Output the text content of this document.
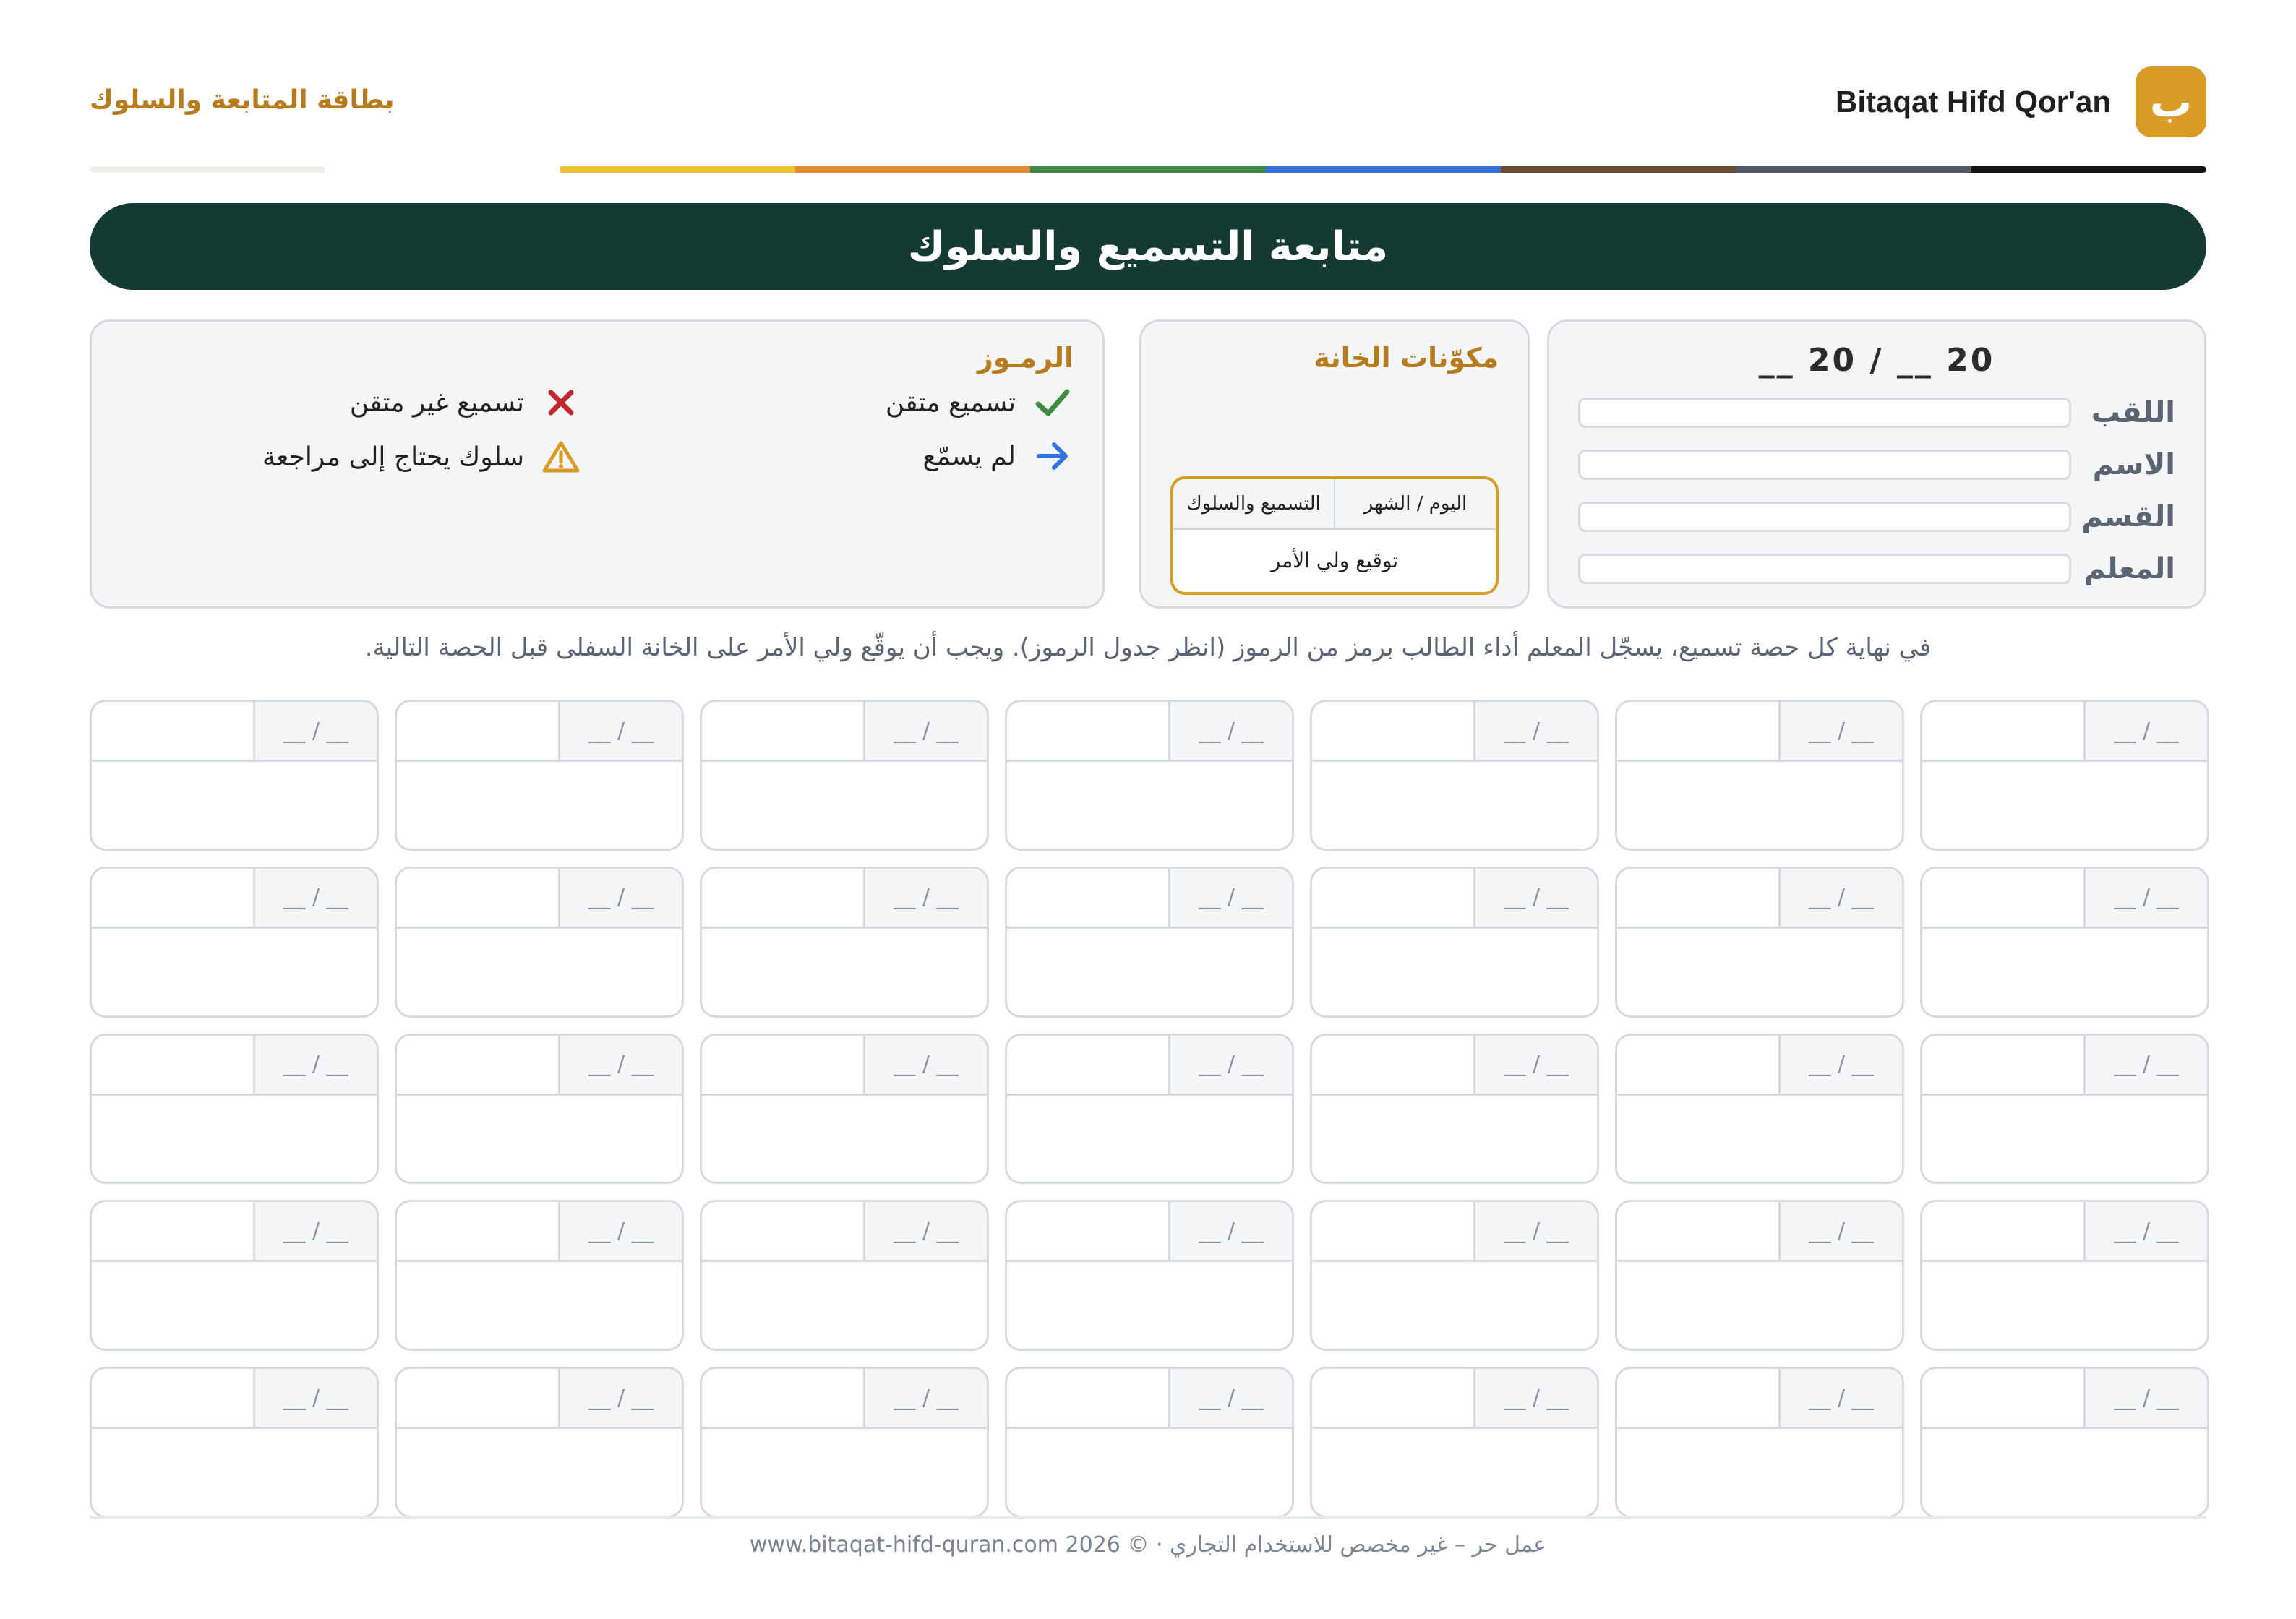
Bitaqat Hifd Qor'an ب
بطاقة المتابعة والسلوك
متابعة التسميع والسلوك
__ 20 / __ 20
اللقب
الاسم
القسم
المعلم
مكوّنات الخانة
اليوم / الشهر
التسميع والسلوك
توقيع ولي الأمر
الرمـوز
تسميع متقن
تسميع غير متقن
لم يسمّع
سلوك يحتاج إلى مراجعة
في نهاية كل حصة تسميع، يسجّل المعلم أداء الطالب برمز من الرموز (انظر جدول الرموز). ويجب أن يوقّع ولي الأمر على الخانة السفلى قبل الحصة التالية.
__ / __
__ / __
__ / __
__ / __
__ / __
__ / __
__ / __
__ / __
__ / __
__ / __
__ / __
__ / __
__ / __
__ / __
__ / __
__ / __
__ / __
__ / __
__ / __
__ / __
__ / __
__ / __
__ / __
__ / __
__ / __
__ / __
__ / __
__ / __
__ / __
__ / __
__ / __
__ / __
__ / __
__ / __
__ / __
عمل حر – غير مخصص للاستخدام التجاري · © 2026 www.bitaqat-hifd-quran.com
